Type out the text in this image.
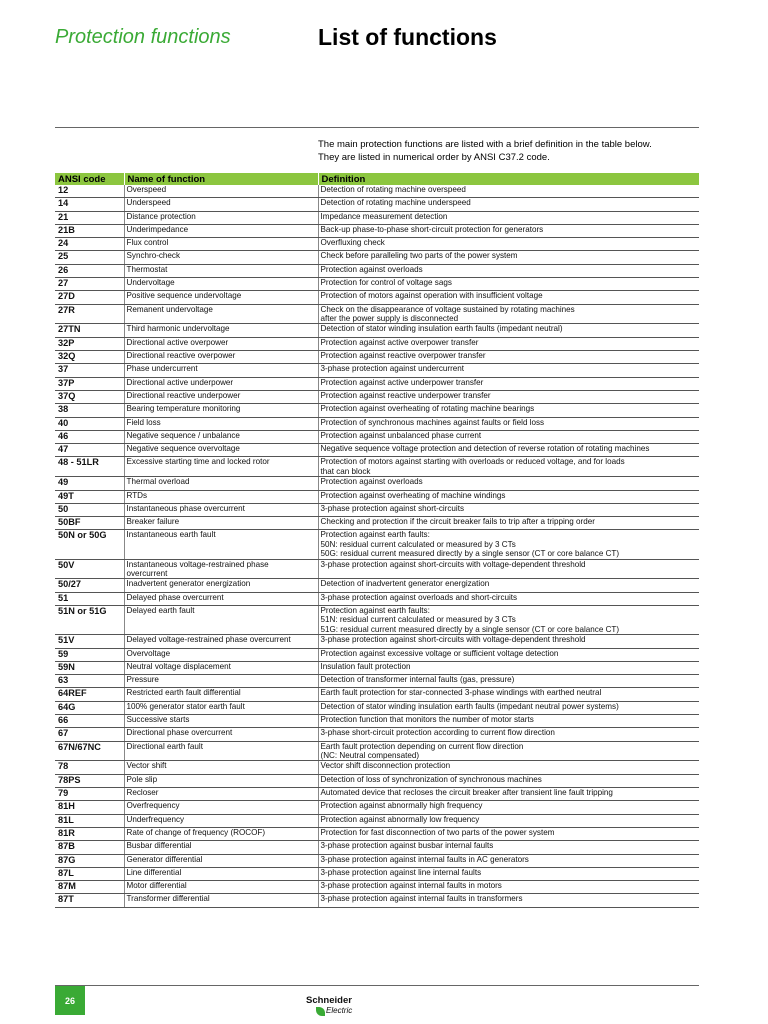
Protection functions	List of functions
The main protection functions are listed with a brief definition in the table below.
They are listed in numerical order by ANSI C37.2 code.
ANSI code	Name of function	Definition
12	Overspeed	Detection of rotating machine overspeed

14	Underspeed	Detection of rotating machine underspeed

21	Distance protection	Impedance measurement detection

21B	Underimpedance	Back-up phase-to-phase short-circuit protection for generators

24	Flux control	Overfluxing check

25	Synchro-check	Check before paralleling two parts of the power system

26	Thermostat	Protection against overloads

27	Undervoltage	Protection for control of voltage sags

27D	Positive sequence undervoltage	Protection of motors against operation with insufficient voltage

27R	Remanent undervoltage	Check on the disappearance of voltage sustained by rotating machines
after the power supply is disconnected

27TN	Third harmonic undervoltage	Detection of stator winding insulation earth faults (impedant neutral)

32P	Directional active overpower	Protection against active overpower transfer

32Q	Directional reactive overpower	Protection against reactive overpower transfer

37	Phase undercurrent	3-phase protection against undercurrent

37P	Directional active underpower	Protection against active underpower transfer

37Q	Directional reactive underpower	Protection against reactive underpower transfer

38	Bearing temperature monitoring	Protection against overheating of rotating machine bearings

40	Field loss	Protection of synchronous machines against faults or field loss

46	Negative sequence / unbalance	Protection against unbalanced phase current

47	Negative sequence overvoltage	Negative sequence voltage protection and detection of reverse rotation of rotating machines

48 - 51LR	Excessive starting time and locked rotor	Protection of motors against starting with overloads or reduced voltage, and for loads
that can block

49	Thermal overload	Protection against overloads

49T	RTDs	Protection against overheating of machine windings

50	Instantaneous phase overcurrent	3-phase protection against short-circuits

50BF	Breaker failure	Checking and protection if the circuit breaker fails to trip after a tripping order

50N or 50G	Instantaneous earth fault	Protection against earth faults:
50N: residual current calculated or measured by 3 CTs
50G: residual current measured directly by a single sensor (CT or core balance CT)

50V	Instantaneous voltage-restrained phase
overcurrent	3-phase protection against short-circuits with voltage-dependent threshold

50/27	Inadvertent generator energization	Detection of inadvertent generator energization

51	Delayed phase overcurrent	3-phase protection against overloads and short-circuits

51N or 51G	Delayed earth fault	Protection against earth faults:
51N: residual current calculated or measured by 3 CTs
51G: residual current measured directly by a single sensor (CT or core balance CT)

51V	Delayed voltage-restrained phase overcurrent	3-phase protection against short-circuits with voltage-dependent threshold

59	Overvoltage	Protection against excessive voltage or sufficient voltage detection

59N	Neutral voltage displacement	Insulation fault protection

63	Pressure	Detection of transformer internal faults (gas, pressure)

64REF	Restricted earth fault differential	Earth fault protection for star-connected 3-phase windings with earthed neutral

64G	100% generator stator earth fault	Detection of stator winding insulation earth faults (impedant neutral power systems)

66	Successive starts	Protection function that monitors the number of motor starts

67	Directional phase overcurrent	3-phase short-circuit protection according to current flow direction

67N/67NC	Directional earth fault	Earth fault protection depending on current flow direction
(NC: Neutral compensated)

78	Vector shift	Vector shift disconnection protection

78PS	Pole slip	Detection of loss of synchronization of synchronous machines

79	Recloser	Automated device that recloses the circuit breaker after transient line fault tripping

81H	Overfrequency	Protection against abnormally high frequency

81L	Underfrequency	Protection against abnormally low frequency

81R	Rate of change of frequency (ROCOF)	Protection for fast disconnection of two parts of the power system

87B	Busbar differential	3-phase protection against busbar internal faults

87G	Generator differential	3-phase protection against internal faults in AC generators

87L	Line differential	3-phase protection against line internal faults

87M	Motor differential	3-phase protection against internal faults in motors

87T	Transformer differential	3-phase protection against internal faults in transformers
26	Schneider
Electric
